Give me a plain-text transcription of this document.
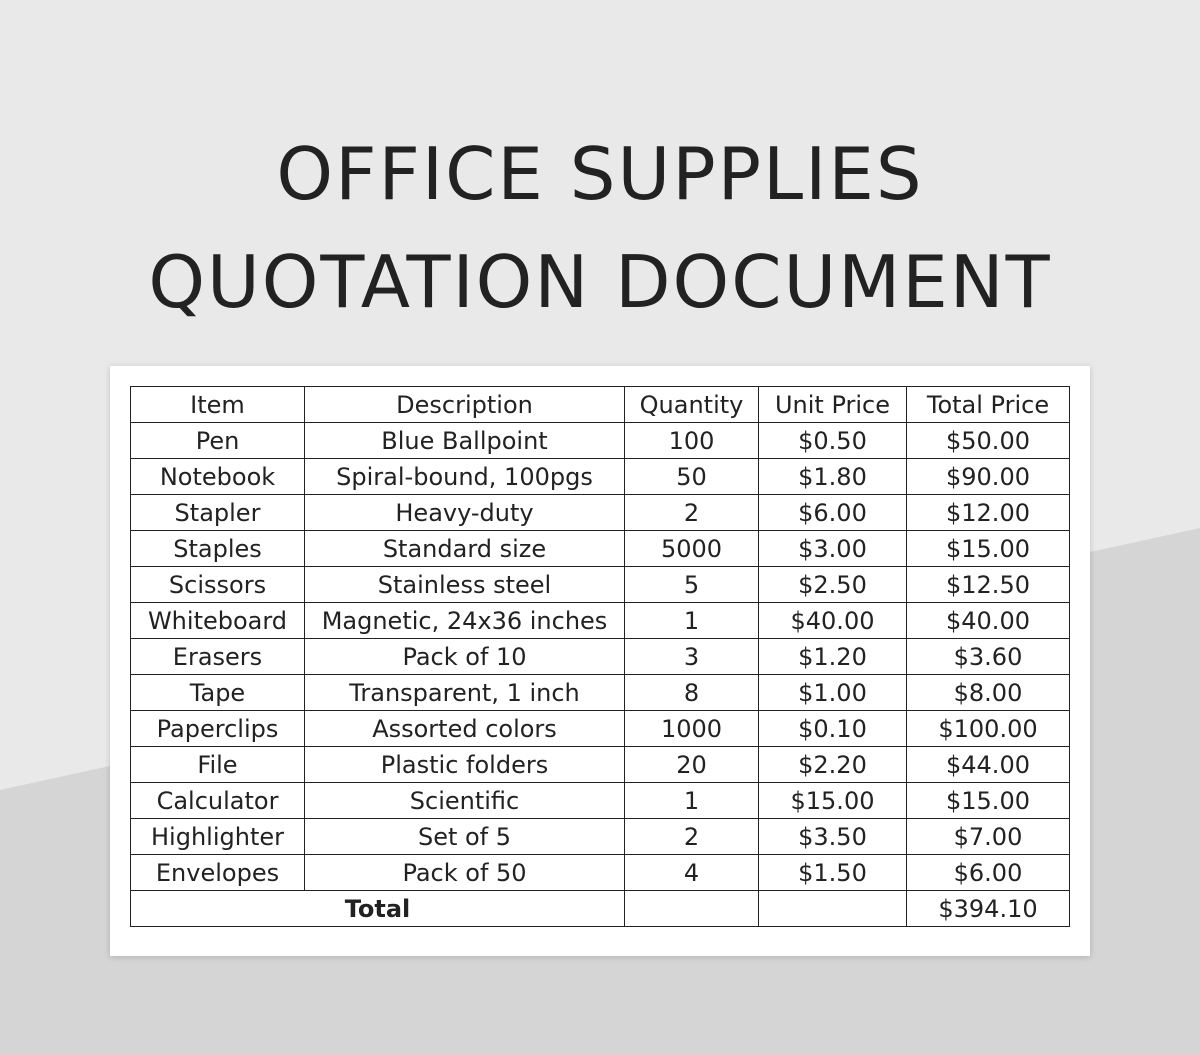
OFFICE SUPPLIES
QUOTATION DOCUMENT
Item	Description	Quantity	Unit Price	Total Price
Pen	Blue Ballpoint	100	$0.50	$50.00
Notebook	Spiral-bound, 100pgs	50	$1.80	$90.00
Stapler	Heavy-duty	2	$6.00	$12.00
Staples	Standard size	5000	$3.00	$15.00
Scissors	Stainless steel	5	$2.50	$12.50
Whiteboard	Magnetic, 24x36 inches	1	$40.00	$40.00
Erasers	Pack of 10	3	$1.20	$3.60
Tape	Transparent, 1 inch	8	$1.00	$8.00
Paperclips	Assorted colors	1000	$0.10	$100.00
File	Plastic folders	20	$2.20	$44.00
Calculator	Scientific	1	$15.00	$15.00
Highlighter	Set of 5	2	$3.50	$7.00
Envelopes	Pack of 50	4	$1.50	$6.00
Total				$394.10
